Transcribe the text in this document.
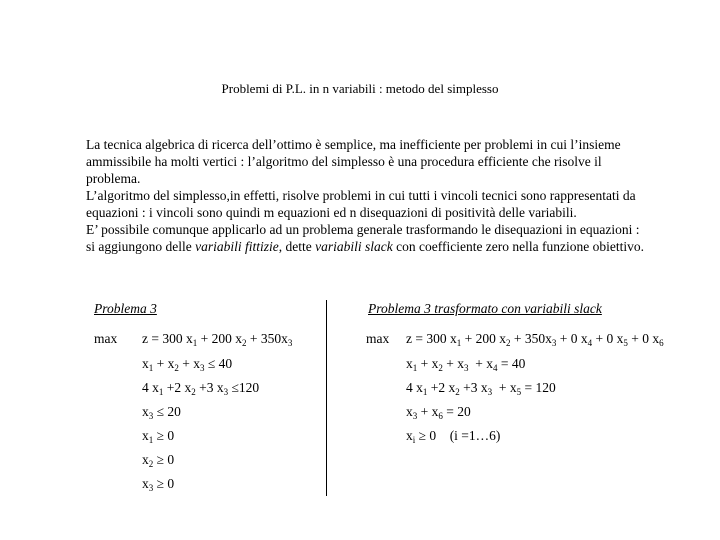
Problemi di P.L. in n variabili : metodo del simplesso

La tecnica algebrica di ricerca dell’ottimo è semplice, ma inefficiente per problemi in cui l’insieme ammissibile ha molti vertici : l’algoritmo del simplesso è una procedura efficiente che risolve il problema.

L’algoritmo del simplesso,in effetti, risolve problemi in cui tutti i vincoli tecnici sono rappresentati da equazioni : i vincoli sono quindi m equazioni ed n disequazioni di positività delle variabili.

E’ possibile comunque applicarlo ad un problema generale trasformando le disequazioni in equazioni : si aggiungono delle variabili fittizie, dette variabili slack con coefficiente zero nella funzione obiettivo.

Problema 3
max z = 300 $x_1 + 200$ $x_2 + 350x_3$
$x_1 + x_2 + x_3 \le 40$
4 $x_1 +2$ $x_2 +3$ $x_3 \le 120$
$x_3 \le 20$
$x_1 \ge 0$
$x_2 \ge 0$
$x_3 \ge 0$
Problema 3 trasformato con variabili slack
max z = 300 $x_1 + 200$ $x_2 + 350x_3 + 0$ $x_4 + 0$ $x_5 + 0$ $x_6$
$x_1 + x_2 + x_3 + x_4 = 40$
4 $x_1 +2$ $x_2 +3$ $x_3 + x_5 = 120$
$x_3 + x_6 = 20$
$x_i \ge 0$    (i =1…6)
